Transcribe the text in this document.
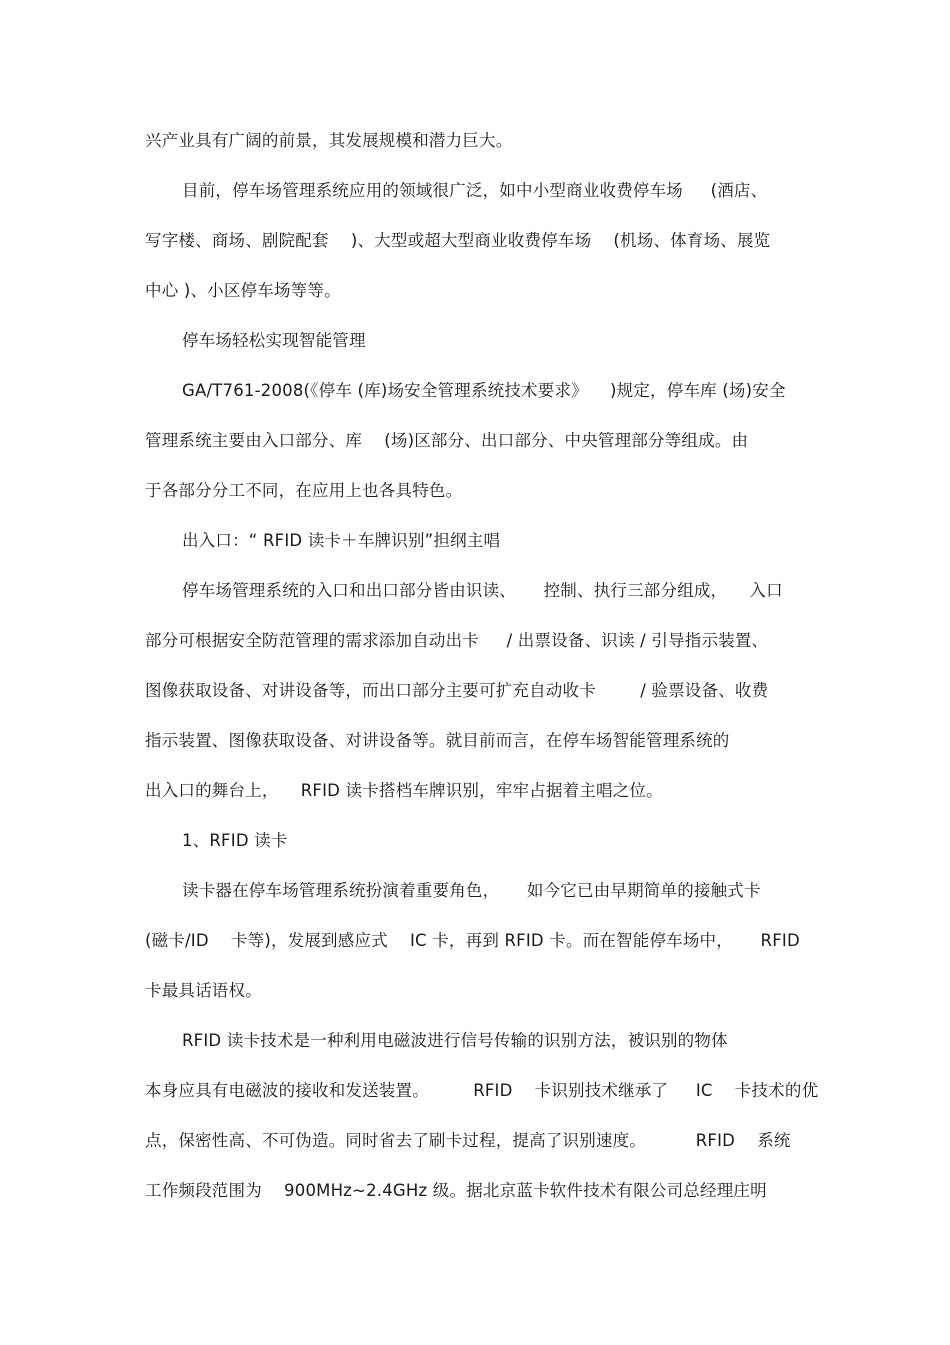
兴产业具有广阔的前景，其发展规模和潜力巨大。
目前，停车场管理系统应用的领域很广泛，如中小型商业收费停车场 　 (酒店、
写字楼、商场、剧院配套 　)、大型或超大型商业收费停车场 　(机场、体育场、展览
中心 )、小区停车场等等。
停车场轻松实现智能管理
GA/T761-2008(《停车 (库)场安全管理系统技术要求》 　)规定，停车库 (场)安全
管理系统主要由入口部分、库 　(场)区部分、出口部分、中央管理部分等组成。由
于各部分分工不同，在应用上也各具特色。
出入口：“ RFID 读卡＋车牌识别”担纲主唱
停车场管理系统的入口和出口部分皆由识读、 　 控制、执行三部分组成， 　入口
部分可根据安全防范管理的需求添加自动出卡 　 / 出票设备、识读 / 引导指示装置、
图像获取设备、对讲设备等，而出口部分主要可扩充自动收卡 　 　/ 验票设备、收费
指示装置、图像获取设备、对讲设备等。就目前而言，在停车场智能管理系统的
出入口的舞台上， 　RFID 读卡搭档车牌识别，牢牢占据着主唱之位。
1、RFID 读卡
读卡器在停车场管理系统扮演着重要角色， 　 如今它已由早期简单的接触式卡
(磁卡/ID 　卡等)，发展到感应式 　IC 卡，再到 RFID 卡。而在智能停车场中， 　 RFID
卡最具话语权。
RFID 读卡技术是一种利用电磁波进行信号传输的识别方法，被识别的物体
本身应具有电磁波的接收和发送装置。 　 　RFID 　卡识别技术继承了 　 IC 　卡技术的优
点，保密性高、不可伪造。同时省去了刷卡过程，提高了识别速度。 　 　 RFID 　系统
工作频段范围为 　900MHz~2.4GHz 级。据北京蓝卡软件技术有限公司总经理庄明
